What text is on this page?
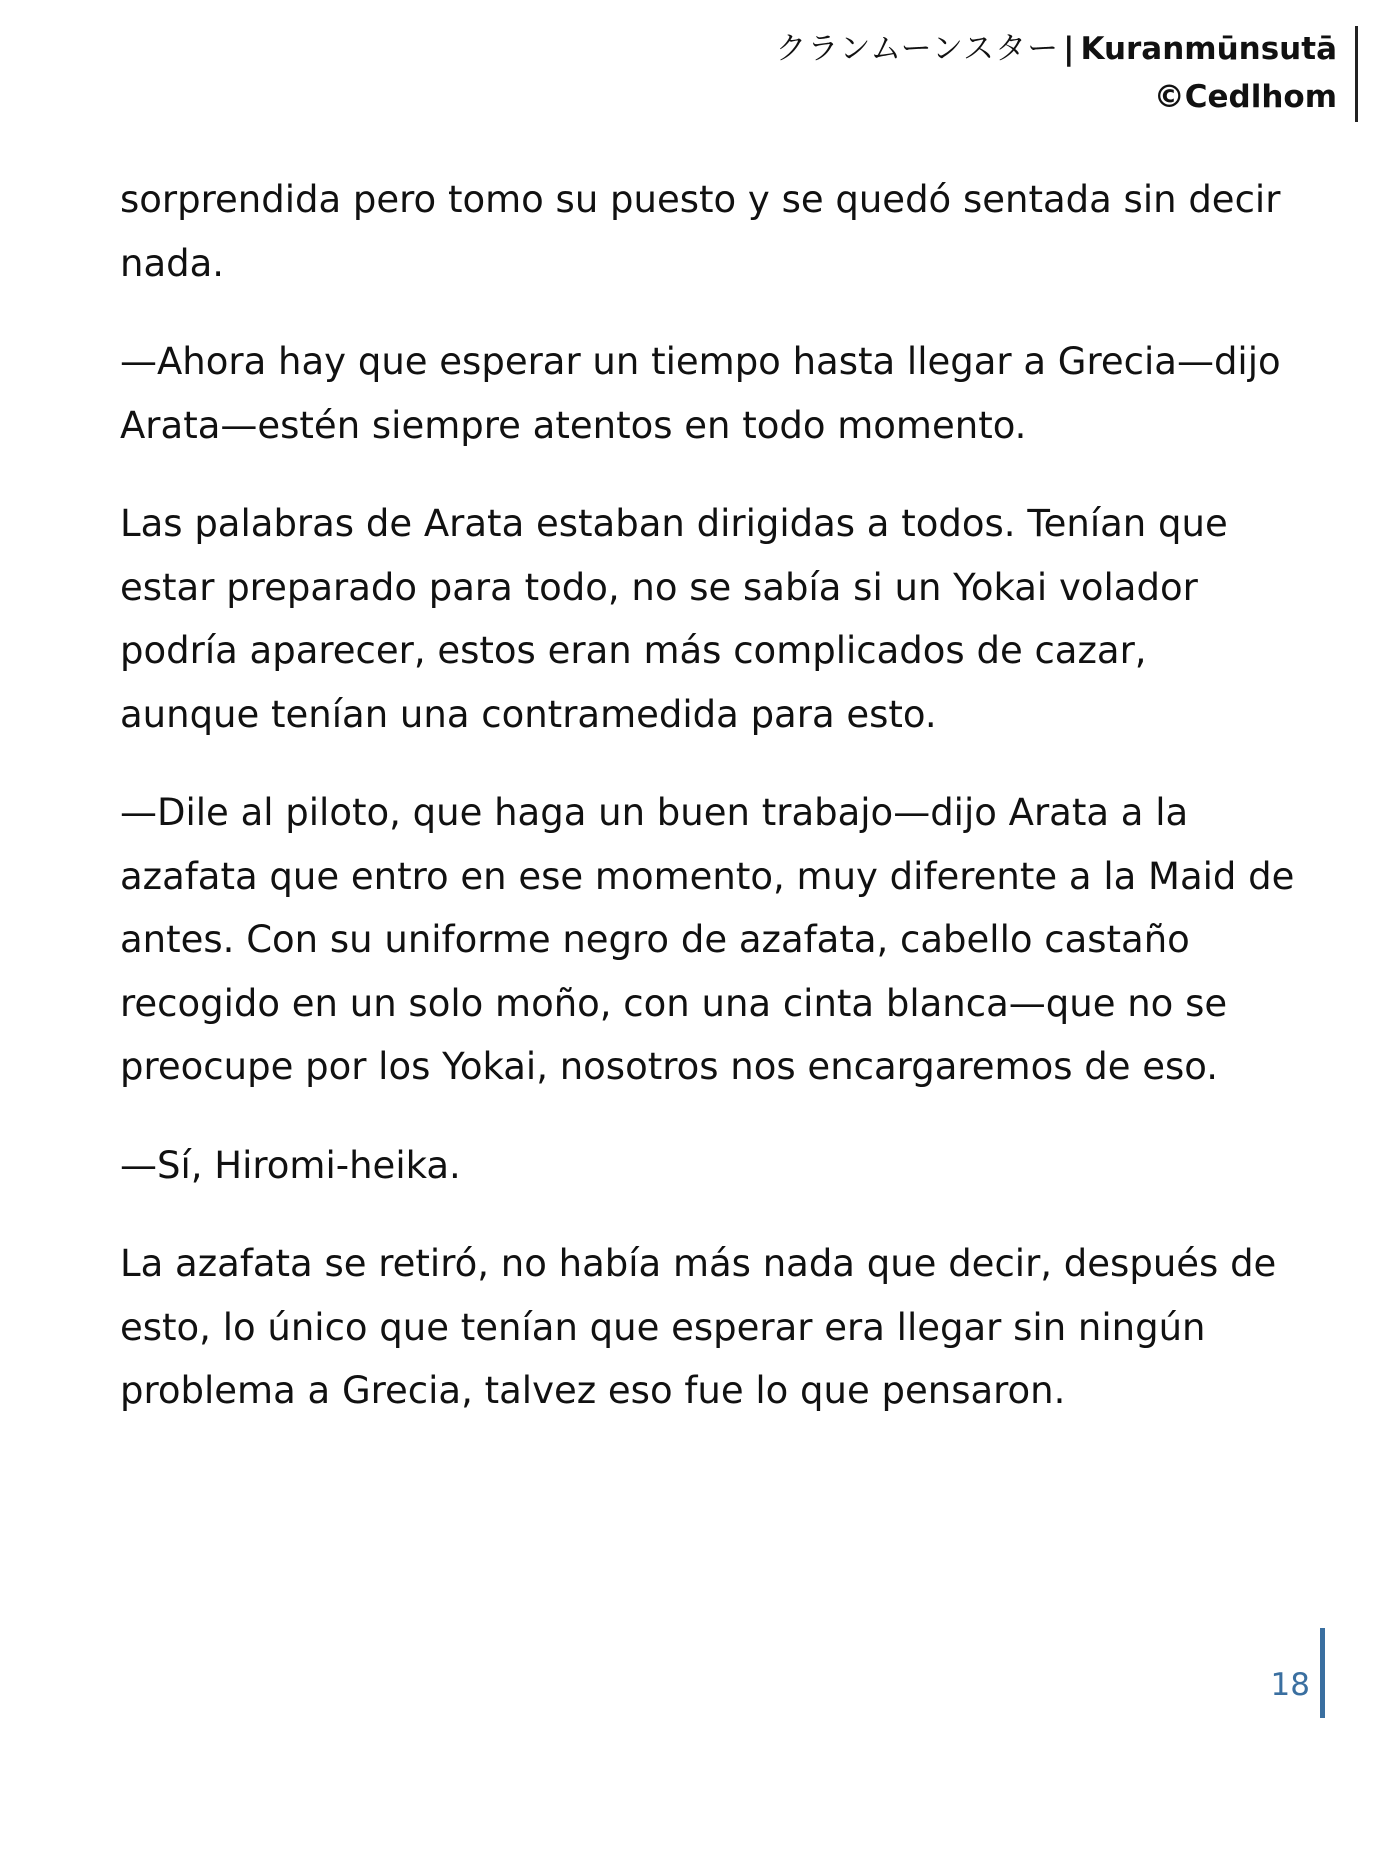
クランムーンスター | Kuranmūnsutā
©Cedlhom

sorprendida pero tomo su puesto y se quedó sentada sin decir nada.

—Ahora hay que esperar un tiempo hasta llegar a Grecia—dijo Arata—estén siempre atentos en todo momento.

Las palabras de Arata estaban dirigidas a todos. Tenían que estar preparado para todo, no se sabía si un Yokai volador podría aparecer, estos eran más complicados de cazar, aunque tenían una contramedida para esto.

—Dile al piloto, que haga un buen trabajo—dijo Arata a la azafata que entro en ese momento, muy diferente a la Maid de antes. Con su uniforme negro de azafata, cabello castaño recogido en un solo moño, con una cinta blanca—que no se preocupe por los Yokai, nosotros nos encargaremos de eso.

—Sí, Hiromi-heika.

La azafata se retiró, no había más nada que decir, después de esto, lo único que tenían que esperar era llegar sin ningún problema a Grecia, talvez eso fue lo que pensaron.

18
